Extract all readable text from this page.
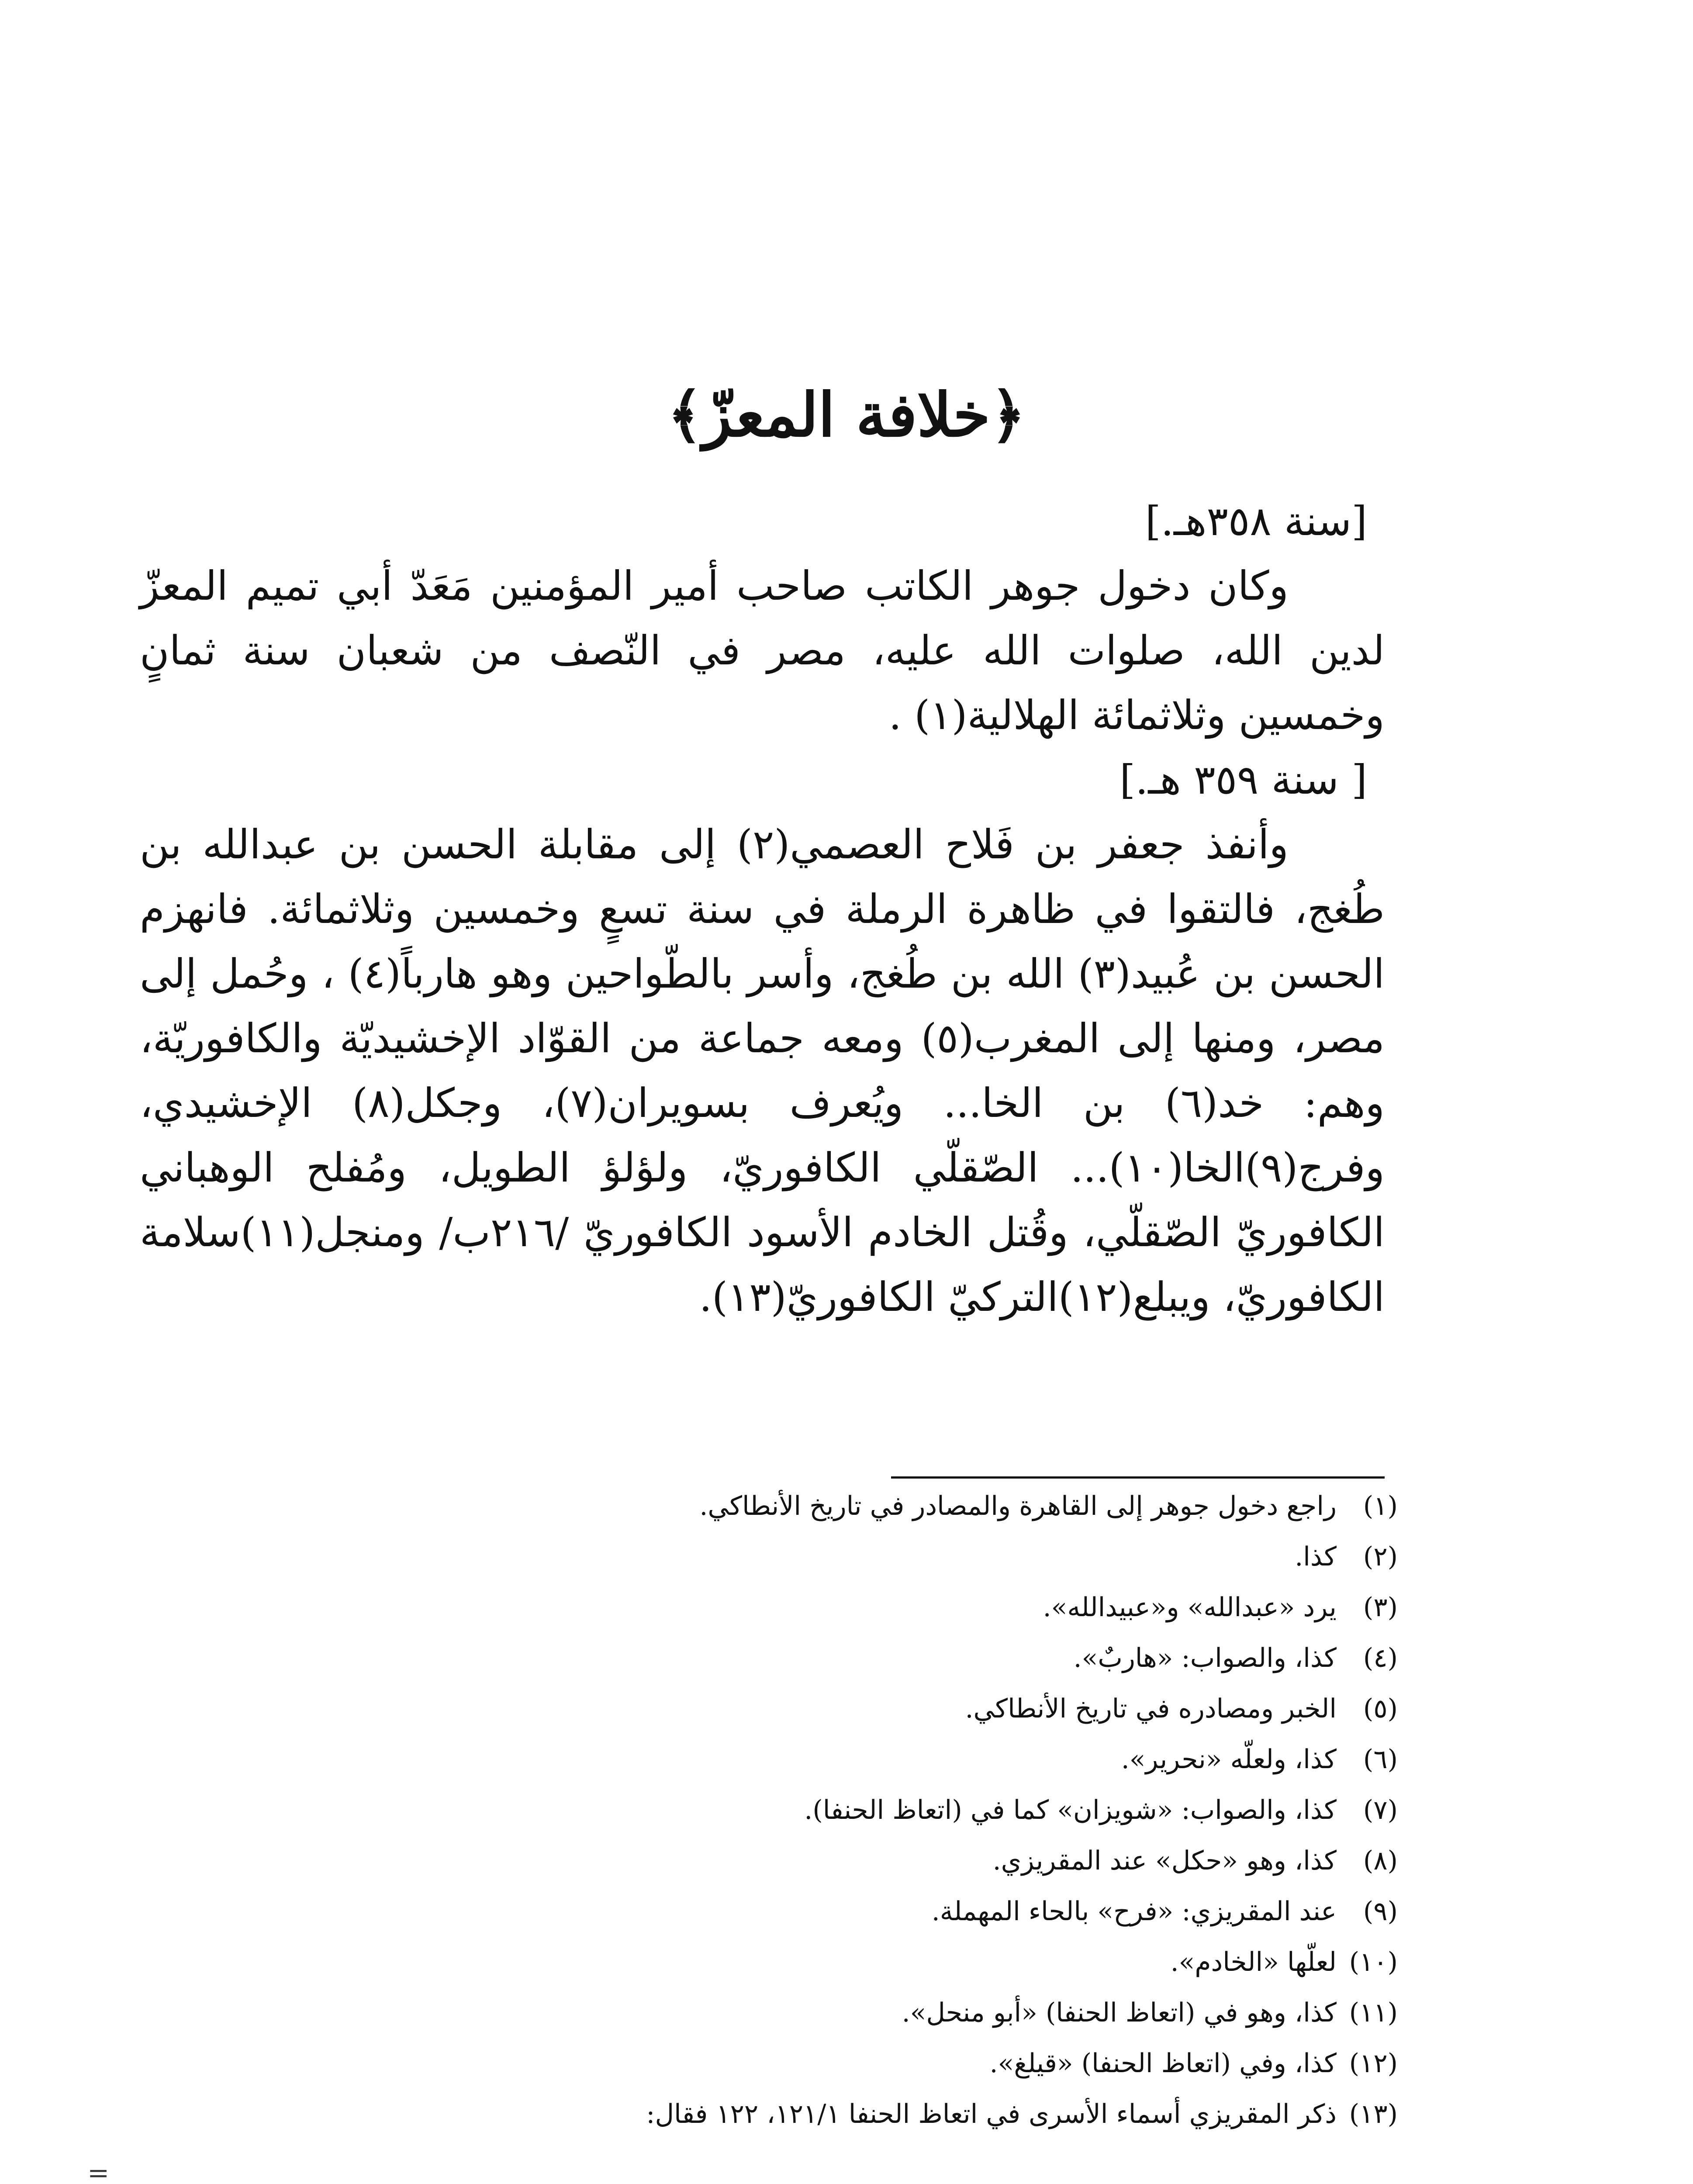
﴿خلافة المعزّ﴾

[سنة ٣٥٨هـ.]

وكان دخول جوهر الكاتب صاحب أمير المؤمنين مَعَدّ أبي تميم المعزّ لدين الله، صلوات الله عليه، مصر في النّصف من شعبان سنة ثمانٍ وخمسين وثلاثمائة الهلالية(١) .

[ سنة ٣٥٩ هـ.]

وأنفذ جعفر بن فَلاح العصمي(٢) إلى مقابلة الحسن بن عبدالله بن طُغج، فالتقوا في ظاهرة الرملة في سنة تسعٍ وخمسين وثلاثمائة. فانهزم الحسن بن عُبيد(٣) الله بن طُغج، وأسر بالطّواحين وهو هارباً(٤) ، وحُمل إلى مصر، ومنها إلى المغرب(٥) ومعه جماعة من القوّاد الإخشيديّة والكافوريّة، وهم: خد(٦) بن الخا... ويُعرف بسويران(٧)، وجكل(٨) الإخشيدي، وفرج(٩)الخا(١٠)... الصّقلّي الكافوريّ، ولؤلؤ الطويل، ومُفلح الوهباني الكافوريّ الصّقلّي، وقُتل الخادم الأسود الكافوريّ /٢١٦ب/ ومنجل(١١)سلامة الكافوريّ، ويبلع(١٢)التركيّ الكافوريّ(١٣).

(١)راجع دخول جوهر إلى القاهرة والمصادر في تاريخ الأنطاكي.
(٢)كذا.
(٣)يرد «عبدالله» و«عبيدالله».
(٤)كذا، والصواب: «هاربٌ».
(٥)الخبر ومصادره في تاريخ الأنطاكي.
(٦)كذا، ولعلّه «نحرير».
(٧)كذا، والصواب: «شويزان» كما في (اتعاظ الحنفا).
(٨)كذا، وهو «حكل» عند المقريزي.
(٩)عند المقريزي: «فرح» بالحاء المهملة.
(١٠)لعلّها «الخادم».
(١١)كذا، وهو في (اتعاظ الحنفا) «أبو منحل».
(١٢)كذا، وفي (اتعاظ الحنفا) «قيلغ».
(١٣)ذكر المقريزي أسماء الأسرى في اتعاظ الحنفا ١٢١/١، ١٢٢ فقال:
=
